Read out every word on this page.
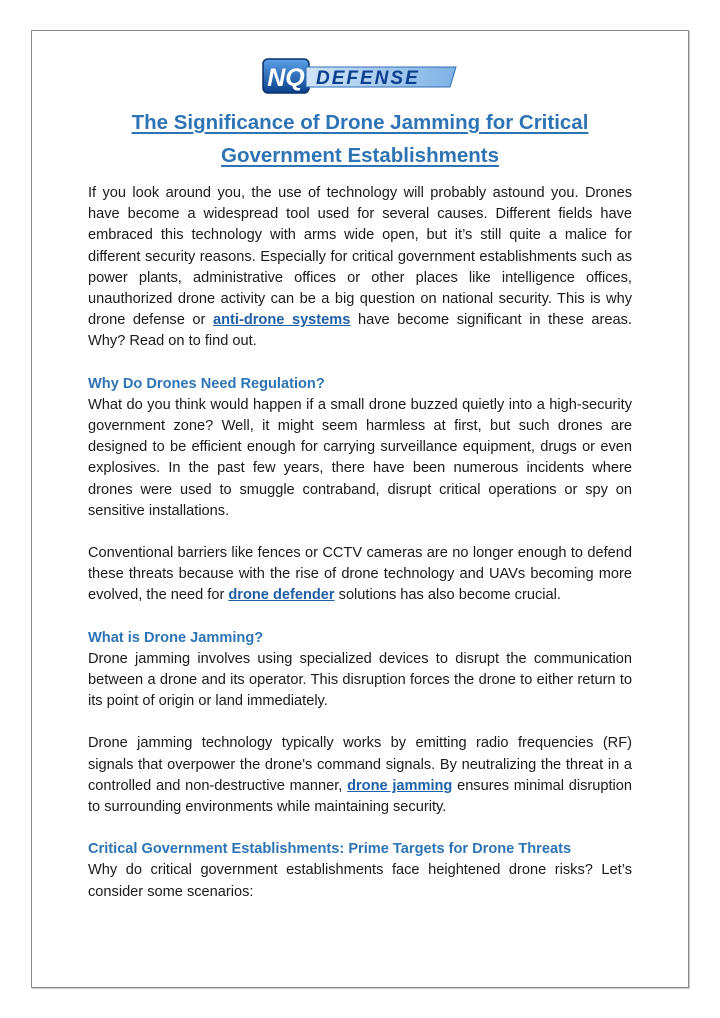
NQ DEFENSE
The Significance of Drone Jamming for Critical Government Establishments

If you look around you, the use of technology will probably astound you. Drones have become a widespread tool used for several causes. Different fields have embraced this technology with arms wide open, but it’s still quite a malice for different security reasons. Especially for critical government establishments such as power plants, administrative offices or other places like intelligence offices, unauthorized drone activity can be a big question on national security. This is why drone defense or anti-drone systems have become significant in these areas. Why? Read on to find out.

Why Do Drones Need Regulation?

What do you think would happen if a small drone buzzed quietly into a high-security government zone? Well, it might seem harmless at first, but such drones are designed to be efficient enough for carrying surveillance equipment, drugs or even explosives. In the past few years, there have been numerous incidents where drones were used to smuggle contraband, disrupt critical operations or spy on sensitive installations.

Conventional barriers like fences or CCTV cameras are no longer enough to defend these threats because with the rise of drone technology and UAVs becoming more evolved, the need for drone defender solutions has also become crucial.

What is Drone Jamming?

Drone jamming involves using specialized devices to disrupt the communication between a drone and its operator. This disruption forces the drone to either return to its point of origin or land immediately.

Drone jamming technology typically works by emitting radio frequencies (RF) signals that overpower the drone's command signals. By neutralizing the threat in a controlled and non-destructive manner, drone jamming ensures minimal disruption to surrounding environments while maintaining security.

Critical Government Establishments: Prime Targets for Drone Threats

Why do critical government establishments face heightened drone risks? Let’s consider some scenarios:
